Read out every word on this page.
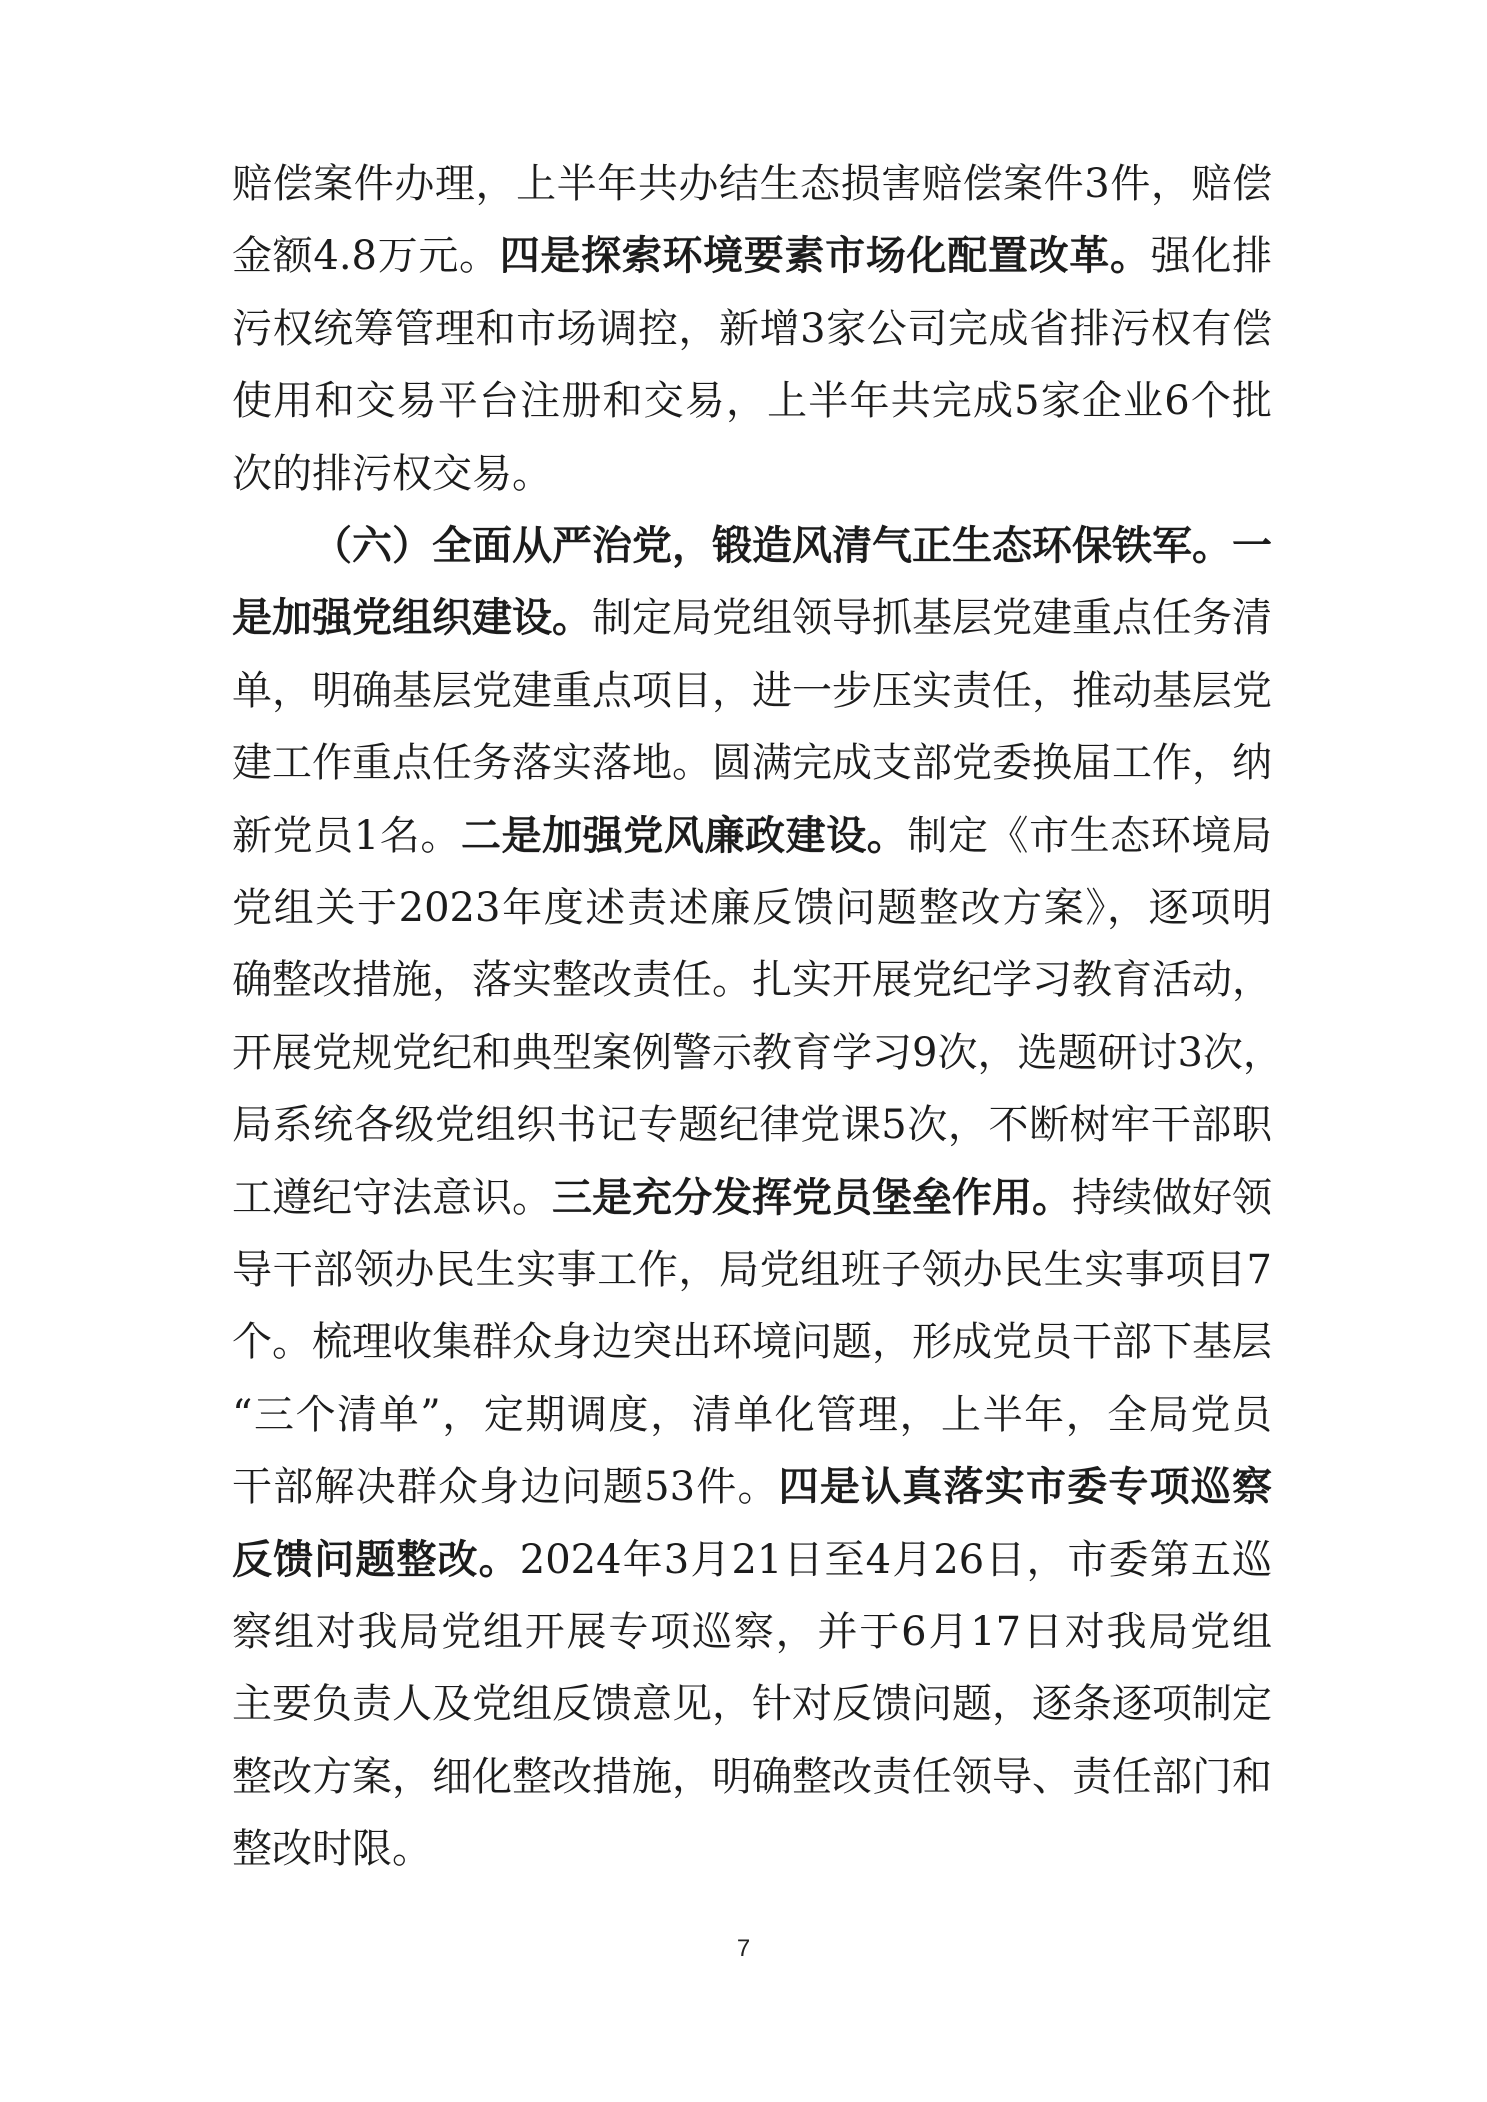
赔偿案件办理，上半年共办结生态损害赔偿案件3件，赔偿
金额4.8万元。四是探索环境要素市场化配置改革。强化排
污权统筹管理和市场调控，新增3家公司完成省排污权有偿
使用和交易平台注册和交易，上半年共完成5家企业6个批
次的排污权交易。
（六）全面从严治党，锻造风清气正生态环保铁军。一
是加强党组织建设。制定局党组领导抓基层党建重点任务清
单，明确基层党建重点项目，进一步压实责任，推动基层党
建工作重点任务落实落地。圆满完成支部党委换届工作，纳
新党员1名。二是加强党风廉政建设。制定《市生态环境局
党组关于2023年度述责述廉反馈问题整改方案》，逐项明
确整改措施，落实整改责任。扎实开展党纪学习教育活动，
开展党规党纪和典型案例警示教育学习9次，选题研讨3次，
局系统各级党组织书记专题纪律党课5次，不断树牢干部职
工遵纪守法意识。三是充分发挥党员堡垒作用。持续做好领
导干部领办民生实事工作，局党组班子领办民生实事项目7
个。梳理收集群众身边突出环境问题，形成党员干部下基层
“三个清单”，定期调度，清单化管理，上半年，全局党员
干部解决群众身边问题53件。四是认真落实市委专项巡察
反馈问题整改。2024年3月21日至4月26日，市委第五巡
察组对我局党组开展专项巡察，并于6月17日对我局党组
主要负责人及党组反馈意见，针对反馈问题，逐条逐项制定
整改方案，细化整改措施，明确整改责任领导、责任部门和
整改时限。
7
